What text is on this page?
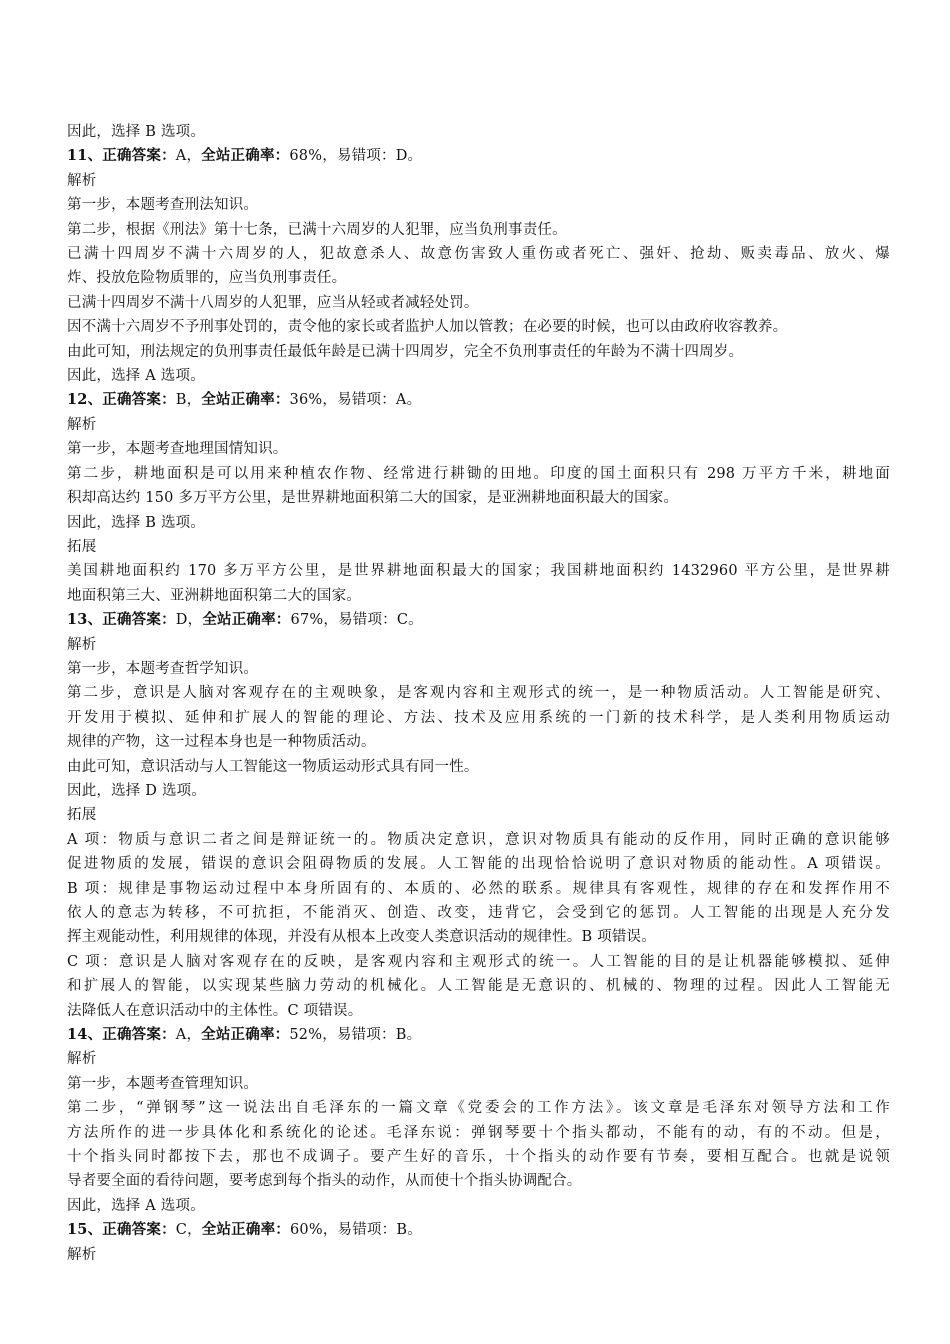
因此，选择 B 选项。
11、正确答案：A，全站正确率：68%，易错项：D。
解析
第一步，本题考查刑法知识。
第二步，根据《刑法》第十七条，已满十六周岁的人犯罪，应当负刑事责任。
已满十四周岁不满十六周岁的人，犯故意杀人、故意伤害致人重伤或者死亡、强奸、抢劫、贩卖毒品、放火、爆
炸、投放危险物质罪的，应当负刑事责任。
已满十四周岁不满十八周岁的人犯罪，应当从轻或者减轻处罚。
因不满十六周岁不予刑事处罚的，责令他的家长或者监护人加以管教；在必要的时候，也可以由政府收容教养。
由此可知，刑法规定的负刑事责任最低年龄是已满十四周岁，完全不负刑事责任的年龄为不满十四周岁。
因此，选择 A 选项。
12、正确答案：B，全站正确率：36%，易错项：A。
解析
第一步，本题考查地理国情知识。
第二步，耕地面积是可以用来种植农作物、经常进行耕锄的田地。印度的国土面积只有 298 万平方千米，耕地面
积却高达约 150 多万平方公里，是世界耕地面积第二大的国家，是亚洲耕地面积最大的国家。
因此，选择 B 选项。
拓展
美国耕地面积约 170 多万平方公里，是世界耕地面积最大的国家；我国耕地面积约 1432960 平方公里，是世界耕
地面积第三大、亚洲耕地面积第二大的国家。
13、正确答案：D，全站正确率：67%，易错项：C。
解析
第一步，本题考查哲学知识。
第二步，意识是人脑对客观存在的主观映象，是客观内容和主观形式的统一，是一种物质活动。人工智能是研究、
开发用于模拟、延伸和扩展人的智能的理论、方法、技术及应用系统的一门新的技术科学，是人类利用物质运动
规律的产物，这一过程本身也是一种物质活动。
由此可知，意识活动与人工智能这一物质运动形式具有同一性。
因此，选择 D 选项。
拓展
A 项：物质与意识二者之间是辩证统一的。物质决定意识，意识对物质具有能动的反作用，同时正确的意识能够
促进物质的发展，错误的意识会阻碍物质的发展。人工智能的出现恰恰说明了意识对物质的能动性。A 项错误。
B 项：规律是事物运动过程中本身所固有的、本质的、必然的联系。规律具有客观性，规律的存在和发挥作用不
依人的意志为转移，不可抗拒，不能消灭、创造、改变，违背它，会受到它的惩罚。人工智能的出现是人充分发
挥主观能动性，利用规律的体现，并没有从根本上改变人类意识活动的规律性。B 项错误。
C 项：意识是人脑对客观存在的反映，是客观内容和主观形式的统一。人工智能的目的是让机器能够模拟、延伸
和扩展人的智能，以实现某些脑力劳动的机械化。人工智能是无意识的、机械的、物理的过程。因此人工智能无
法降低人在意识活动中的主体性。C 项错误。
14、正确答案：A，全站正确率：52%，易错项：B。
解析
第一步，本题考查管理知识。
第二步，“弹钢琴”这一说法出自毛泽东的一篇文章《党委会的工作方法》。该文章是毛泽东对领导方法和工作
方法所作的进一步具体化和系统化的论述。毛泽东说：弹钢琴要十个指头都动，不能有的动，有的不动。但是，
十个指头同时都按下去，那也不成调子。要产生好的音乐，十个指头的动作要有节奏，要相互配合。也就是说领
导者要全面的看待问题，要考虑到每个指头的动作，从而使十个指头协调配合。
因此，选择 A 选项。
15、正确答案：C，全站正确率：60%，易错项：B。
解析
